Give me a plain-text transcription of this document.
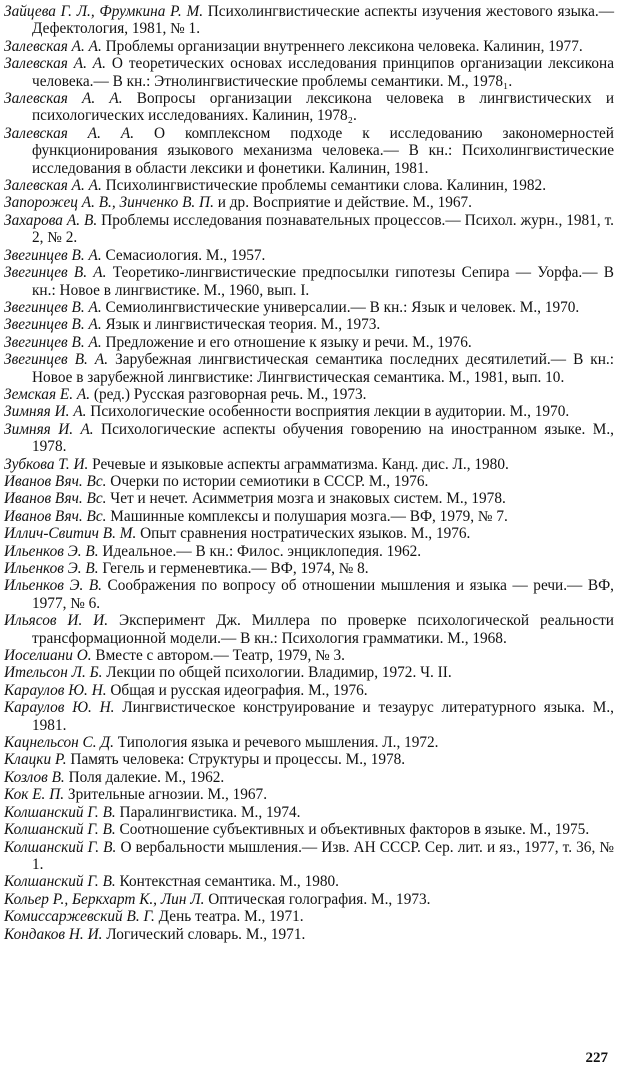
Зайцева Г. Л., Фрумкина Р. М. Психолингвистические аспекты изучения жестового языка.— Дефектология, 1981, № 1.
Залевская А. А. Проблемы организации внутреннего лексикона человека. Калинин, 1977.
Залевская А. А. О теоретических основах исследования принципов организации лексикона человека.— В кн.: Этнолингвистические проблемы семантики. М., 1978₁.
Залевская А. А. Вопросы организации лексикона человека в лингвистических и психологических исследованиях. Калинин, 1978₂.
Залевская А. А. О комплексном подходе к исследованию закономерностей функционирования языкового механизма человека.— В кн.: Психолингвистические исследования в области лексики и фонетики. Калинин, 1981.
Залевская А. А. Психолингвистические проблемы семантики слова. Калинин, 1982.
Запорожец А. В., Зинченко В. П. и др. Восприятие и действие. М., 1967.
Захарова А. В. Проблемы исследования познавательных процессов.— Психол. журн., 1981, т. 2, № 2.
Звегинцев В. А. Семасиология. М., 1957.
Звегинцев В. А. Теоретико-лингвистические предпосылки гипотезы Сепира — Уорфа.— В кн.: Новое в лингвистике. М., 1960, вып. I.
Звегинцев В. А. Семиолингвистические универсалии.— В кн.: Язык и человек. М., 1970.
Звегинцев В. А. Язык и лингвистическая теория. М., 1973.
Звегинцев В. А. Предложение и его отношение к языку и речи. М., 1976.
Звегинцев В. А. Зарубежная лингвистическая семантика последних десятилетий.— В кн.: Новое в зарубежной лингвистике: Лингвистическая семантика. М., 1981, вып. 10.
Земская Е. А. (ред.) Русская разговорная речь. М., 1973.
Зимняя И. А. Психологические особенности восприятия лекции в аудитории. М., 1970.
Зимняя И. А. Психологические аспекты обучения говорению на иностранном языке. М., 1978.
Зубкова Т. И. Речевые и языковые аспекты аграмматизма. Канд. дис. Л., 1980.
Иванов Вяч. Вс. Очерки по истории семиотики в СССР. М., 1976.
Иванов Вяч. Вс. Чет и нечет. Асимметрия мозга и знаковых систем. М., 1978.
Иванов Вяч. Вс. Машинные комплексы и полушария мозга.— ВФ, 1979, № 7.
Иллич-Свитич В. М. Опыт сравнения ностратических языков. М., 1976.
Ильенков Э. В. Идеальное.— В кн.: Филос. энциклопедия. 1962.
Ильенков Э. В. Гегель и герменевтика.— ВФ, 1974, № 8.
Ильенков Э. В. Соображения по вопросу об отношении мышления и языка — речи.— ВФ, 1977, № 6.
Ильясов И. И. Эксперимент Дж. Миллера по проверке психологической реальности трансформационной модели.— В кн.: Психология грамматики. М., 1968.
Иоселиани О. Вместе с автором.— Театр, 1979, № 3.
Ительсон Л. Б. Лекции по общей психологии. Владимир, 1972. Ч. II.
Караулов Ю. Н. Общая и русская идеография. М., 1976.
Караулов Ю. Н. Лингвистическое конструирование и тезаурус литературного языка. М., 1981.
Кацнельсон С. Д. Типология языка и речевого мышления. Л., 1972.
Клацки Р. Память человека: Структуры и процессы. М., 1978.
Козлов В. Поля далекие. М., 1962.
Кок Е. П. Зрительные агнозии. М., 1967.
Колшанский Г. В. Паралингвистика. М., 1974.
Колшанский Г. В. Соотношение субъективных и объективных факторов в языке. М., 1975.
Колшанский Г. В. О вербальности мышления.— Изв. АН СССР. Сер. лит. и яз., 1977, т. 36, № 1.
Колшанский Г. В. Контекстная семантика. М., 1980.
Кольер Р., Беркхарт К., Лин Л. Оптическая голография. М., 1973.
Комиссаржевский В. Г. День театра. М., 1971.
Кондаков Н. И. Логический словарь. М., 1971.
227
